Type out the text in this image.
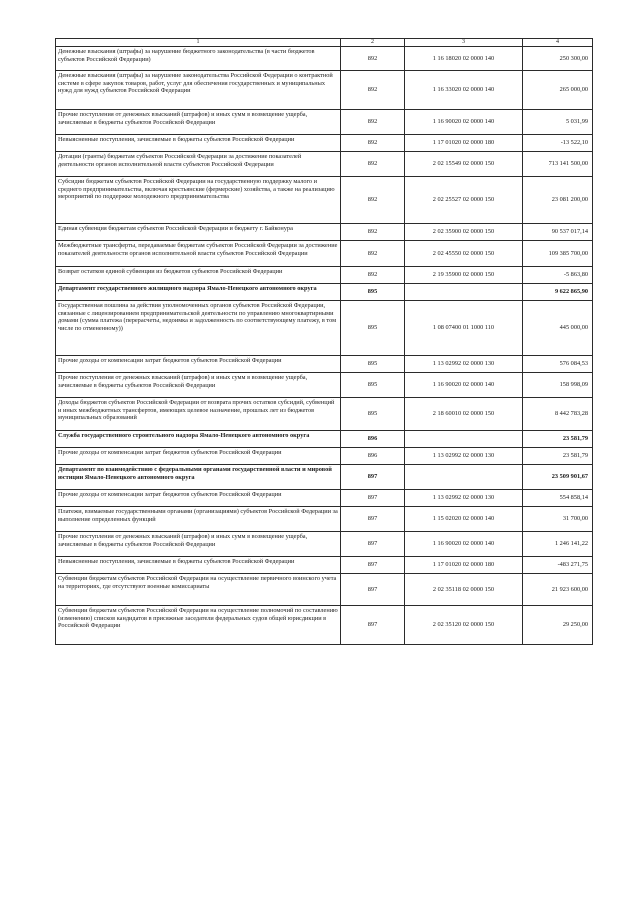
1	2	3	4
Денежные взыскания (штрафы) за нарушение бюджетного законодательства (в части бюджетов субъектов Российской Федерации)	892	1 16 18020 02 0000 140	250 300,00
Денежные взыскания (штрафы) за нарушение законодательства Российской Федерации о контрактной системе в сфере закупок товаров, работ, услуг для обеспечения государственных и муниципальных нужд для нужд субъектов Российской Федерации	892	1 16 33020 02 0000 140	265 000,00
Прочие поступления от денежных взысканий (штрафов) и иных сумм в возмещение ущерба, зачисляемые в бюджеты субъектов Российской Федерации	892	1 16 90020 02 0000 140	5 031,99
Невыясненные поступления, зачисляемые в бюджеты субъектов Российской Федерации	892	1 17 01020 02 0000 180	-13 522,10
Дотации (гранты) бюджетам субъектов Российской Федерации за достижение показателей деятельности органов исполнительной власти субъектов Российской Федерации	892	2 02 15549 02 0000 150	713 141 500,00
Субсидии бюджетам субъектов Российской Федерации на государственную поддержку малого и среднего предпринимательства, включая крестьянские (фермерские) хозяйства, а также на реализацию мероприятий по поддержке молодежного предпринимательства	892	2 02 25527 02 0000 150	23 081 200,00
Единая субвенция бюджетам субъектов Российской Федерации и бюджету г. Байконура	892	2 02 35900 02 0000 150	90 537 017,14
Межбюджетные трансферты, передаваемые бюджетам субъектов Российской Федерации за достижение показателей деятельности органов исполнительной власти субъектов Российской Федерации	892	2 02 45550 02 0000 150	109 385 700,00
Возврат остатков единой субвенции из бюджетов субъектов Российской Федерации	892	2 19 35900 02 0000 150	-5 863,80
Департамент государственного жилищного надзора Ямало-Ненецкого автономного округа	895		9 622 865,90
Государственная пошлина за действия уполномоченных органов субъектов Российской Федерации, связанные с лицензированием предпринимательской деятельности по управлению многоквартирными домами (сумма платежа (перерасчеты, недоимка и задолженность по соответствующему платежу, в том числе по отмененному))	895	1 08 07400 01 1000 110	445 000,00
Прочие доходы от компенсации затрат бюджетов субъектов Российской Федерации	895	1 13 02992 02 0000 130	576 084,53
Прочие поступления от денежных взысканий (штрафов) и иных сумм в возмещение ущерба, зачисляемые в бюджеты субъектов Российской Федерации	895	1 16 90020 02 0000 140	158 998,09
Доходы бюджетов субъектов Российской Федерации от возврата прочих остатков субсидий, субвенций и иных межбюджетных трансфертов, имеющих целевое назначение, прошлых лет из бюджетов муниципальных образований	895	2 18 60010 02 0000 150	8 442 783,28
Служба государственного строительного надзора Ямало-Ненецкого автономного округа	896		23 581,79
Прочие доходы от компенсации затрат бюджетов субъектов Российской Федерации	896	1 13 02992 02 0000 130	23 581,79
Департамент по взаимодействию с федеральными органами государственной власти и мировой юстиции Ямало-Ненецкого автономного округа	897		23 509 901,67
Прочие доходы от компенсации затрат бюджетов субъектов Российской Федерации	897	1 13 02992 02 0000 130	554 858,14
Платежи, взимаемые государственными органами (организациями) субъектов Российской Федерации за выполнение определенных функций	897	1 15 02020 02 0000 140	31 700,00
Прочие поступления от денежных взысканий (штрафов) и иных сумм в возмещение ущерба, зачисляемые в бюджеты субъектов Российской Федерации	897	1 16 90020 02 0000 140	1 246 141,22
Невыясненные поступления, зачисляемые в бюджеты субъектов Российской Федерации	897	1 17 01020 02 0000 180	-483 271,75
Субвенции бюджетам субъектов Российской Федерации на осуществление первичного воинского учета на территориях, где отсутствуют военные комиссариаты	897	2 02 35118 02 0000 150	21 923 600,00
Субвенции бюджетам субъектов Российской Федерации на осуществление полномочий по составлению (изменению) списков кандидатов в присяжные заседатели федеральных судов общей юрисдикции в Российской Федерации	897	2 02 35120 02 0000 150	29 250,00
